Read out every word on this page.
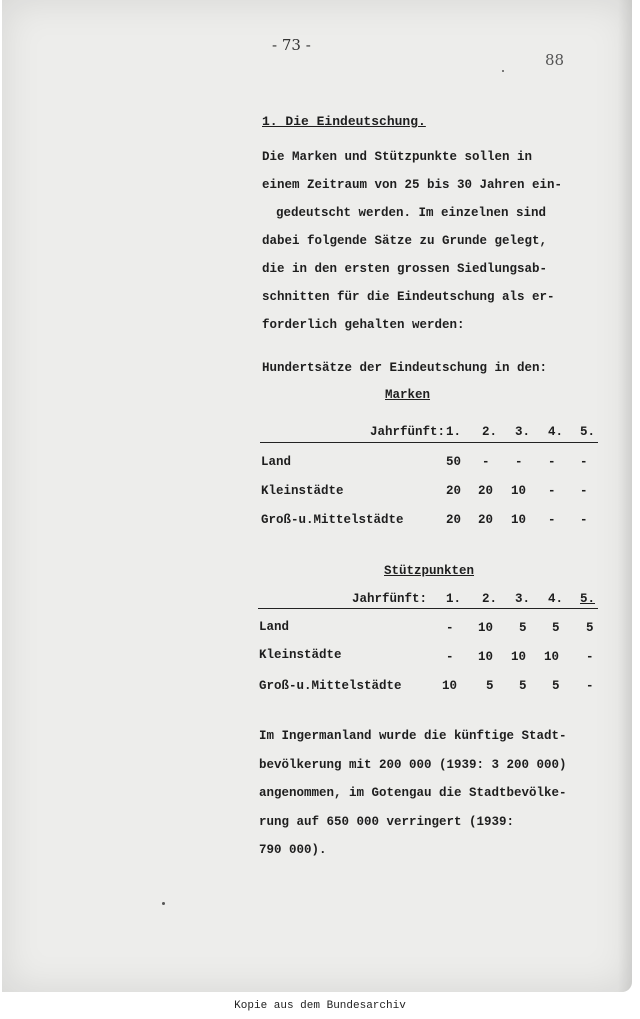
- 73 -
88
1. Die Eindeutschung.
Die Marken und Stützpunkte sollen in
einem Zeitraum von 25 bis 30 Jahren ein-
gedeutscht werden. Im einzelnen sind
dabei folgende Sätze zu Grunde gelegt,
die in den ersten grossen Siedlungsab-
schnitten für die Eindeutschung als er-
forderlich gehalten werden:
Hundertsätze der Eindeutschung in den:
Marken
Jahrfünft: 1. 2. 3. 4. 5.
Land	50 - - - -
Kleinstädte	20 20 10 - -
Groß-u.Mittelstädte	20 20 10 - -
Stützpunkten
Jahrfünft: 1. 2. 3. 4. 5.
Land	- 10 5 5 5
Kleinstädte	- 10 10 10 -
Groß-u.Mittelstädte	10 5 5 5 -
Im Ingermanland wurde die künftige Stadt-
bevölkerung mit 200 000 (1939: 3 200 000)
angenommen, im Gotengau die Stadtbevölke-
rung auf 650 000 verringert (1939:
790 000).
Kopie aus dem Bundesarchiv
